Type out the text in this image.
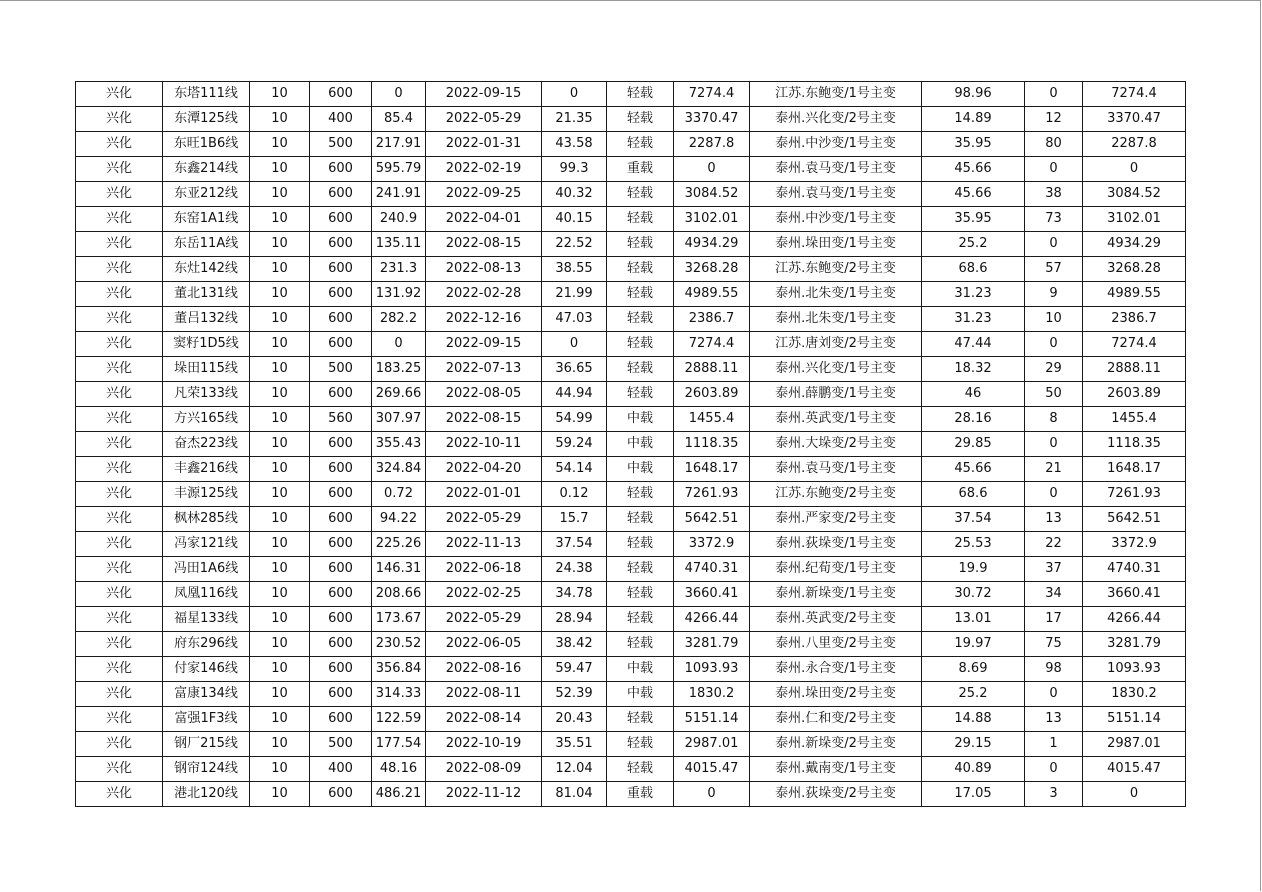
兴化	东塔111线	10	600	0	2022-09-15	0	轻载	7274.4	江苏.东鲍变/1号主变	98.96	0	7274.4
兴化	东潭125线	10	400	85.4	2022-05-29	21.35	轻载	3370.47	泰州.兴化变/2号主变	14.89	12	3370.47
兴化	东旺1B6线	10	500	217.91	2022-01-31	43.58	轻载	2287.8	泰州.中沙变/1号主变	35.95	80	2287.8
兴化	东鑫214线	10	600	595.79	2022-02-19	99.3	重载	0	泰州.袁马变/1号主变	45.66	0	0
兴化	东亚212线	10	600	241.91	2022-09-25	40.32	轻载	3084.52	泰州.袁马变/1号主变	45.66	38	3084.52
兴化	东窑1A1线	10	600	240.9	2022-04-01	40.15	轻载	3102.01	泰州.中沙变/1号主变	35.95	73	3102.01
兴化	东岳11A线	10	600	135.11	2022-08-15	22.52	轻载	4934.29	泰州.垛田变/1号主变	25.2	0	4934.29
兴化	东灶142线	10	600	231.3	2022-08-13	38.55	轻载	3268.28	江苏.东鲍变/2号主变	68.6	57	3268.28
兴化	董北131线	10	600	131.92	2022-02-28	21.99	轻载	4989.55	泰州.北朱变/1号主变	31.23	9	4989.55
兴化	董吕132线	10	600	282.2	2022-12-16	47.03	轻载	2386.7	泰州.北朱变/1号主变	31.23	10	2386.7
兴化	窦籽1D5线	10	600	0	2022-09-15	0	轻载	7274.4	江苏.唐刘变/2号主变	47.44	0	7274.4
兴化	垛田115线	10	500	183.25	2022-07-13	36.65	轻载	2888.11	泰州.兴化变/1号主变	18.32	29	2888.11
兴化	凡荣133线	10	600	269.66	2022-08-05	44.94	轻载	2603.89	泰州.薛鹏变/1号主变	46	50	2603.89
兴化	方兴165线	10	560	307.97	2022-08-15	54.99	中载	1455.4	泰州.英武变/1号主变	28.16	8	1455.4
兴化	奋杰223线	10	600	355.43	2022-10-11	59.24	中载	1118.35	泰州.大垛变/2号主变	29.85	0	1118.35
兴化	丰鑫216线	10	600	324.84	2022-04-20	54.14	中载	1648.17	泰州.袁马变/1号主变	45.66	21	1648.17
兴化	丰源125线	10	600	0.72	2022-01-01	0.12	轻载	7261.93	江苏.东鲍变/2号主变	68.6	0	7261.93
兴化	枫林285线	10	600	94.22	2022-05-29	15.7	轻载	5642.51	泰州.严家变/2号主变	37.54	13	5642.51
兴化	冯家121线	10	600	225.26	2022-11-13	37.54	轻载	3372.9	泰州.荻垛变/1号主变	25.53	22	3372.9
兴化	冯田1A6线	10	600	146.31	2022-06-18	24.38	轻载	4740.31	泰州.纪荀变/1号主变	19.9	37	4740.31
兴化	凤凰116线	10	600	208.66	2022-02-25	34.78	轻载	3660.41	泰州.新垛变/1号主变	30.72	34	3660.41
兴化	福星133线	10	600	173.67	2022-05-29	28.94	轻载	4266.44	泰州.英武变/2号主变	13.01	17	4266.44
兴化	府东296线	10	600	230.52	2022-06-05	38.42	轻载	3281.79	泰州.八里变/2号主变	19.97	75	3281.79
兴化	付家146线	10	600	356.84	2022-08-16	59.47	中载	1093.93	泰州.永合变/1号主变	8.69	98	1093.93
兴化	富康134线	10	600	314.33	2022-08-11	52.39	中载	1830.2	泰州.垛田变/2号主变	25.2	0	1830.2
兴化	富强1F3线	10	600	122.59	2022-08-14	20.43	轻载	5151.14	泰州.仁和变/2号主变	14.88	13	5151.14
兴化	钢厂215线	10	500	177.54	2022-10-19	35.51	轻载	2987.01	泰州.新垛变/2号主变	29.15	1	2987.01
兴化	钢帘124线	10	400	48.16	2022-08-09	12.04	轻载	4015.47	泰州.戴南变/1号主变	40.89	0	4015.47
兴化	港北120线	10	600	486.21	2022-11-12	81.04	重载	0	泰州.荻垛变/2号主变	17.05	3	0
